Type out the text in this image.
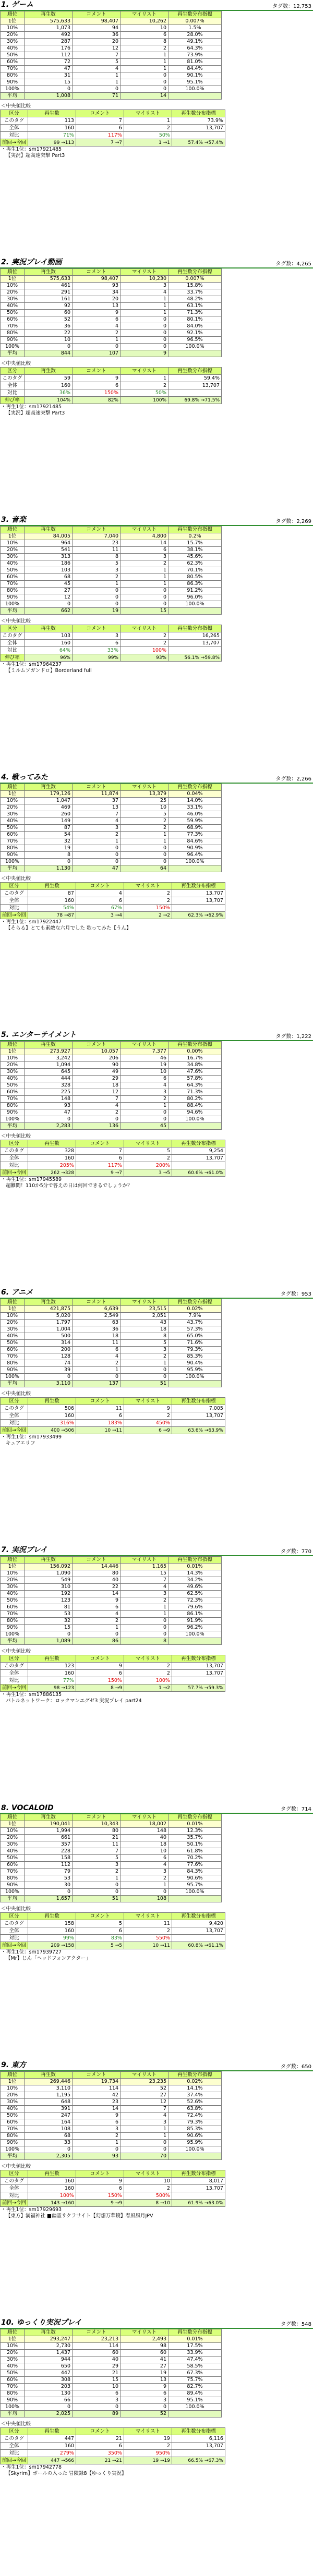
1. ゲーム	タグ数：12,753
順位	再生数	コメント	マイリスト	再生数分布指標
1位	575,633	98,407	10,262	0.007%
10%	1,073	94	10	1.5%
20%	492	36	6	28.0%
30%	287	20	8	49.1%
40%	176	12	2	64.3%
50%	112	7	1	73.9%
60%	72	5	1	81.0%
70%	47	4	1	84.4%
80%	31	1	0	90.1%
90%	15	1	0	95.1%
100%	0	0	0	100.0%
平均	1,008	71	14	
＜中央値比較
区分	再生数	コメント	マイリスト	再生数分布指標
このタグ	113	7	1	73.9%
全体	160	6	2	13,707
対比	71%	117%	50%	
前回→今回	99 →113	7 →7	1 →1	57.4% →57.4%
・再生1位：sm17921485
【実況】超高速突撃 Part3
2. 実況プレイ動画	タグ数：4,265
順位	再生数	コメント	マイリスト	再生数分布指標
1位	575,633	98,407	10,230	0.007%
10%	461	93	3	15.8%
20%	291	34	4	33.7%
30%	161	20	1	48.2%
40%	92	13	1	63.1%
50%	60	9	1	71.3%
60%	52	6	0	80.1%
70%	36	4	0	84.0%
80%	22	2	0	92.1%
90%	10	1	0	96.5%
100%	0	0	0	100.0%
平均	844	107	9	
＜中央値比較
区分	再生数	コメント	マイリスト	再生数分布指標
このタグ	59	9	1	59.4%
全体	160	6	2	13,707
対比	36%	150%	50%	
伸び率	104%	82%	100%	69.8% →71.5%
・再生1位：sm17921485
【実況】超高速突撃 Part3
3. 音楽	タグ数：2,269
順位	再生数	コメント	マイリスト	再生数分布指標
1位	84,005	7,040	4,800	0.2%
10%	964	23	14	15.7%
20%	541	11	6	38.1%
30%	313	8	3	45.6%
40%	186	5	2	62.3%
50%	103	3	1	70.1%
60%	68	2	1	80.5%
70%	45	1	1	86.3%
80%	27	0	0	91.2%
90%	12	0	0	96.0%
100%	0	0	0	100.0%
平均	662	19	15	
＜中央値比較
区分	再生数	コメント	マイリスト	再生数分布指標
このタグ	103	3	2	16,265
全体	160	6	2	13,707
対比	64%	33%	100%	
伸び率	96%	99%	93%	56.1% →59.8%
・再生1位：sm17964237
【ミルムソガンドロ】Borderland full
4. 歌ってみた	タグ数：2,266
順位	再生数	コメント	マイリスト	再生数分布指標
1位	179,126	11,874	13,379	0.04%
10%	1,047	37	25	14.0%
20%	469	13	10	33.1%
30%	260	7	5	46.0%
40%	149	4	2	59.9%
50%	87	3	2	68.9%
60%	54	2	1	77.3%
70%	32	1	1	84.6%
80%	19	0	0	90.9%
90%	8	0	0	96.4%
100%	0	0	0	100.0%
平均	1,130	47	64	
＜中央値比較
区分	再生数	コメント	マイリスト	再生数分布指標
このタグ	87	4	2	13,707
全体	160	6	2	13,707
対比	54%	67%	150%	
前回→今回	78 →87	3 →4	2 →2	62.3% →62.9%
・再生1位：sm17922447
【そらる】とても素敵な六月でした 歌ってみた【うん】
5. エンターテイメント	タグ数：1,222
順位	再生数	コメント	マイリスト	再生数分布指標
1位	273,927	10,057	7,377	0.00%
10%	3,242	206	46	16.7%
20%	1,094	90	19	34.8%
30%	645	49	10	47.6%
40%	444	29	6	57.8%
50%	328	18	4	64.3%
60%	225	12	3	71.3%
70%	148	7	2	80.2%
80%	93	4	1	88.4%
90%	47	2	0	94.6%
100%	0	0	0	100.0%
平均	2,283	136	45	
＜中央値比較
区分	再生数	コメント	マイリスト	再生数分布指標
このタグ	328	7	5	9,254
全体	160	6	2	13,707
対比	205%	117%	200%	
前回→今回	262 →328	9 →7	3 →5	60.6% →61.0%
・再生1位：sm17945589
超難問！110か5分で答えの日は何回できるでしょうか？
6. アニメ	タグ数：953
順位	再生数	コメント	マイリスト	再生数分布指標
1位	421,875	6,639	23,515	0.02%
10%	5,020	2,549	2,051	7.9%
20%	1,797	63	43	43.7%
30%	1,004	36	18	57.3%
40%	500	18	8	65.0%
50%	314	11	5	71.6%
60%	200	6	3	79.3%
70%	128	4	2	85.3%
80%	74	2	1	90.4%
90%	39	1	0	95.9%
100%	0	0	0	100.0%
平均	3,110	137	51	
＜中央値比較
区分	再生数	コメント	マイリスト	再生数分布指標
このタグ	506	11	9	7,005
全体	160	6	2	13,707
対比	316%	183%	450%	
前回→今回	400 →506	10 →11	6 →9	63.6% →63.9%
・再生1位：sm17933499
キュアエリフ
7. 実況プレイ	タグ数：770
順位	再生数	コメント	マイリスト	再生数分布指標
1位	156,092	14,446	1,165	0.01%
10%	1,090	80	15	14.3%
20%	549	40	7	34.2%
30%	310	22	4	49.6%
40%	192	14	3	62.5%
50%	123	9	2	72.3%
60%	81	6	1	79.6%
70%	53	4	1	86.1%
80%	32	2	0	91.9%
90%	15	1	0	96.2%
100%	0	0	0	100.0%
平均	1,089	86	8	
＜中央値比較
区分	再生数	コメント	マイリスト	再生数分布指標
このタグ	123	9	2	13,707
全体	160	6	2	13,707
対比	77%	150%	100%	
前回→今回	98 →123	8 →9	1 →2	57.7% →59.3%
・再生1位：sm17886135
バトルネットワーク：ロックマンエグゼ3 実況プレイ part24
8. VOCALOID	タグ数：714
順位	再生数	コメント	マイリスト	再生数分布指標
1位	190,041	10,343	18,002	0.01%
10%	1,994	80	148	12.3%
20%	661	21	40	35.7%
30%	357	11	18	50.1%
40%	228	7	10	61.8%
50%	158	5	6	70.2%
60%	112	3	4	77.6%
70%	79	2	3	84.3%
80%	53	1	2	90.6%
90%	30	0	1	95.7%
100%	0	0	0	100.0%
平均	1,657	51	108	
＜中央値比較
区分	再生数	コメント	マイリスト	再生数分布指標
このタグ	158	5	11	9,420
全体	160	6	2	13,707
対比	99%	83%	550%	
前回→今回	209 →158	5 →5	10 →11	60.8% →61.1%
・再生1位：sm17939727
【Mr】じん「ヘッドフォンアクター」
9. 東方	タグ数：650
順位	再生数	コメント	マイリスト	再生数分布指標
1位	269,446	19,734	23,235	0.02%
10%	3,110	114	52	14.1%
20%	1,195	42	27	37.4%
30%	648	23	12	52.6%
40%	391	14	7	63.8%
50%	247	9	4	72.4%
60%	164	6	3	79.3%
70%	108	3	1	85.3%
80%	68	2	1	90.6%
90%	33	1	0	95.9%
100%	0	0	0	100.0%
平均	2,305	93	70	
＜中央値比較
区分	再生数	コメント	マイリスト	再生数分布指標
このタグ	160	9	10	8,017
全体	160	6	2	13,707
対比	100%	150%	500%	
前回→今回	143 →160	9 →9	8 →10	61.9% →63.0%
・再生1位：sm17929693
【東方】満福神社 ■幽霊サクラサイト【幻想万華鏡】春風風月JPV
10. ゆっくり実況プレイ	タグ数：548
順位	再生数	コメント	マイリスト	再生数分布指標
1位	293,247	23,213	2,493	0.01%
10%	2,730	114	98	17.5%
20%	1,437	60	60	33.9%
30%	944	40	41	47.4%
40%	650	29	27	58.5%
50%	447	21	19	67.3%
60%	308	15	13	75.7%
70%	203	10	9	82.7%
80%	130	6	6	89.4%
90%	66	3	3	95.1%
100%	0	0	0	100.0%
平均	2,025	89	52	
＜中央値比較
区分	再生数	コメント	マイリスト	再生数分布指標
このタグ	447	21	19	6,116
全体	160	6	2	13,707
対比	279%	350%	950%	
前回→今回	447 →566	21 →21	19 →19	66.5% →67.3%
・再生1位：sm17942778
【Skyrim】ボールの入った 冒険録8【ゆっくり実況】
